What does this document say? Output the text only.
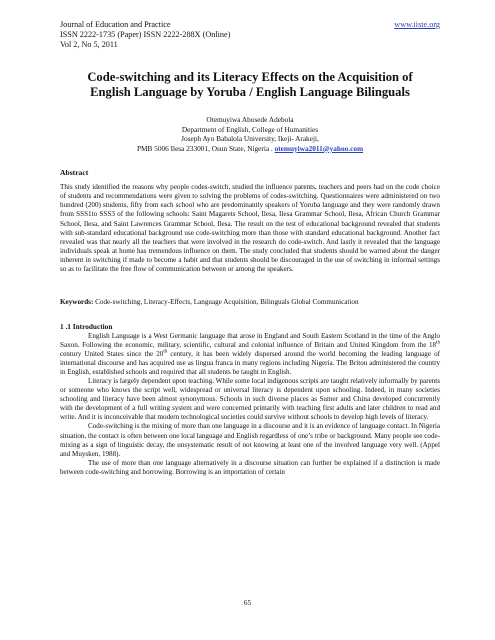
Journal of Education and Practice
ISSN 2222-1735 (Paper) ISSN 2222-288X (Online)
Vol 2, No 5, 2011
www.iiste.org
Code-switching and its Literacy Effects on the Acquisition of
English Language by Yoruba / English Language Bilinguals
Otemuyiwa Abosede Adebola
Department of English, College of Humanities
Joseph Ayo Babalola University, Ikeji- Arakeji,
PMB 5006 Ilesa 233001, Osun State, Nigeria . otemuyiwa2011@yahoo.com
Abstract

This study identified the reasons why people codes-switch, studied the influence parents, teachers and peers had on the code choice of students and recommendations were given to solving the problems of codes-switching. Questionnaires were administered on two hundred (200) students, fifty from each school who are predominantly speakers of Yoruba language and they were randomly drawn from SSS1to SSS3 of the following schools: Saint Magarets School, Ilesa, Ilesa Grammar School, Ilesa, African Church Grammar School, Ilesa, and Saint Lawrences Grammar School, Ilesa. The result on the test of educational background revealed that students with sub-standard educational background use code-switching more than those with standard educational background. Another fact revealed was that nearly all the teachers that were involved in the research do code-switch. And lastly it revealed that the language individuals speak at home has tremendous influence on them. The study concluded that students should be warned about the danger inherent in switching if made to become a habit and that students should be discouraged in the use of switching in informal settings so as to facilitate the free flow of communication between or among the speakers.

Keywords: Code-switching, Literacy-Effects, Language Acquisition, Bilinguals Global Communication

1 .1 Introduction

English Language is a West Germanic language that arose in England and South Eastern Scotland in the time of the Anglo Saxon. Following the economic, military, scientific, cultural and colonial influence of Britain and United Kingdom from the 18th century United States since the 20th century, it has been widely dispersed around the world becoming the leading language of international discourse and has acquired use as lingua franca in many regions including Nigeria. The Briton administered the country in English, established schools and required that all students be taught in English.

Literacy is largely dependent upon teaching. While some local indigenous scripts are taught relatively informally by parents or someone who knows the script well, widespread or universal literacy is dependent upon schooling. Indeed, in many societies schooling and literacy have been almost synonymous. Schools in such diverse places as Sumer and China developed concurrently with the development of a full writing system and were concerned primarily with teaching first adults and later children to read and write. And it is inconceivable that modern technological societies could survive without schools to develop high levels of literacy.

Code-switching is the mixing of more than one language in a discourse and it is an evidence of language contact. In Nigeria situation, the contact is often between one local language and English regardless of one’s tribe or background. Many people see code-mixing as a sign of linguistic decay, the unsystematic result of not knowing at least one of the involved language very well. (Appel and Muysken, 1988).

The use of more than one language alternatively in a discourse situation can further be explained if a distinction is made between code-switching and borrowing. Borrowing is an importation of certain

65
